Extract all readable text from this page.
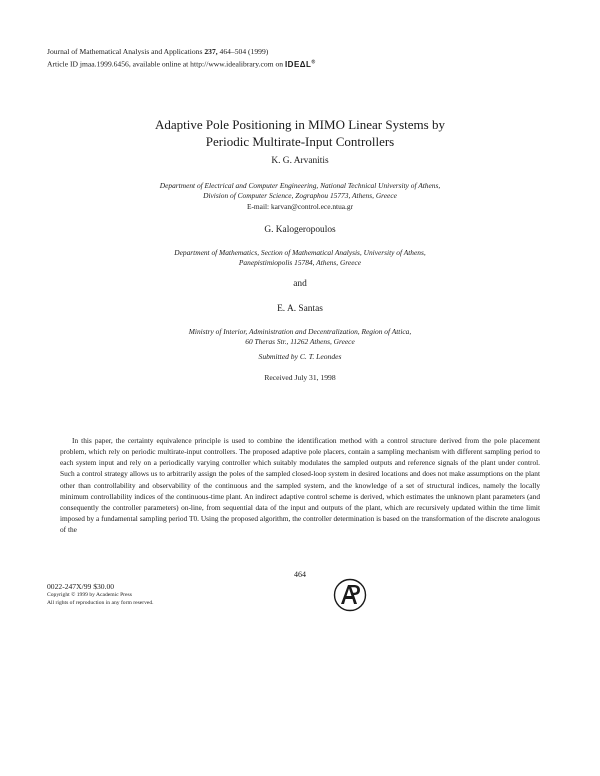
Journal of Mathematical Analysis and Applications 237, 464–504 (1999)
Article ID jmaa.1999.6456, available online at http://www.idealibrary.com on IDEΔL®
Adaptive Pole Positioning in MIMO Linear Systems by
Periodic Multirate-Input Controllers
K. G. Arvanitis
Department of Electrical and Computer Engineering, National Technical University of Athens,
Division of Computer Science, Zographou 15773, Athens, Greece
E-mail: karvan@control.ece.ntua.gr
G. Kalogeropoulos
Department of Mathematics, Section of Mathematical Analysis, University of Athens,
Panepistimiopolis 15784, Athens, Greece
and
E. A. Santas
Ministry of Interior, Administration and Decentralization, Region of Attica,
60 Theras Str., 11262 Athens, Greece
Submitted by C. T. Leondes
Received July 31, 1998

In this paper, the certainty equivalence principle is used to combine the identification method with a control structure derived from the pole placement problem, which rely on periodic multirate-input controllers. The proposed adaptive pole placers, contain a sampling mechanism with different sampling period to each system input and rely on a periodically varying controller which suitably modulates the sampled outputs and reference signals of the plant under control. Such a control strategy allows us to arbitrarily assign the poles of the sampled closed-loop system in desired locations and does not make assumptions on the plant other than controllability and observability of the continuous and the sampled system, and the knowledge of a set of structural indices, namely the locally minimum controllability indices of the continuous-time plant. An indirect adaptive control scheme is derived, which estimates the unknown plant parameters (and consequently the controller parameters) on-line, from sequential data of the input and outputs of the plant, which are recursively updated within the time limit imposed by a fundamental sampling period T0. Using the proposed algorithm, the controller determination is based on the transformation of the discrete analogous of the

464
0022-247X/99 $30.00
Copyright © 1999 by Academic Press
All rights of reproduction in any form reserved.
